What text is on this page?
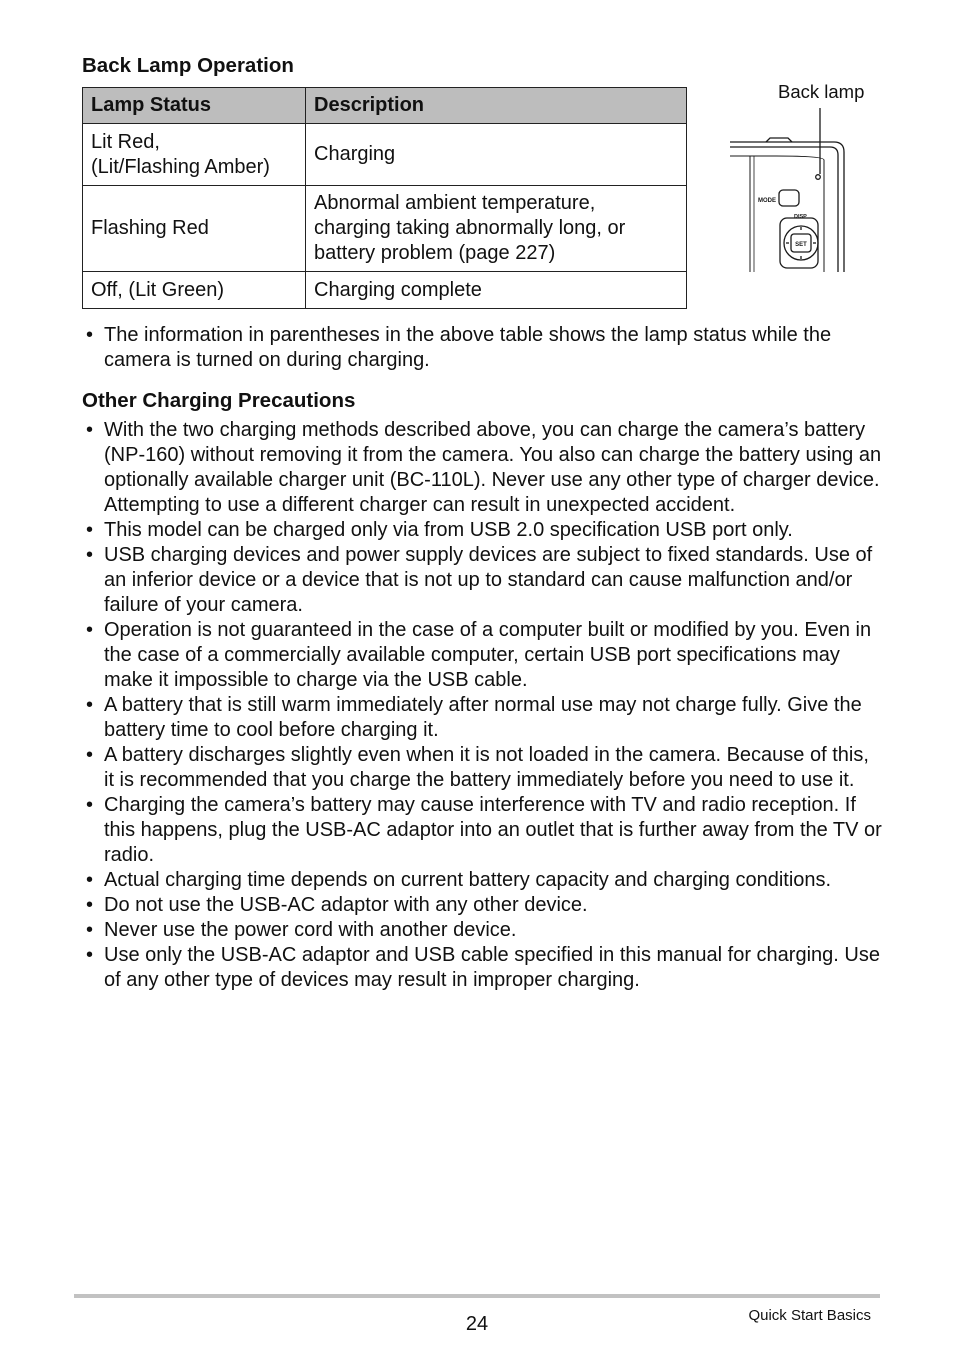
Back Lamp Operation
Lamp Status	Description

Lit Red,
(Lit/Flashing Amber)	Charging
Flashing Red	Abnormal ambient temperature,
charging taking abnormally long, or
battery problem (page 227)

Off, (Lit Green)	Charging complete
Back lamp
MODE
DISP
SET
• The information in parentheses in the above table shows the lamp status while the camera is turned on during charging.
Other Charging Precautions
• With the two charging methods described above, you can charge the camera’s battery (NP-160) without removing it from the camera. You also can charge the battery using an optionally available charger unit (BC-110L). Never use any other type of charger device. Attempting to use a different charger can result in unexpected accident.
• This model can be charged only via from USB 2.0 specification USB port only.
• USB charging devices and power supply devices are subject to fixed standards. Use of an inferior device or a device that is not up to standard can cause malfunction and/or failure of your camera.
• Operation is not guaranteed in the case of a computer built or modified by you. Even in the case of a commercially available computer, certain USB port specifications may make it impossible to charge via the USB cable.
• A battery that is still warm immediately after normal use may not charge fully. Give the battery time to cool before charging it.
• A battery discharges slightly even when it is not loaded in the camera. Because of this, it is recommended that you charge the battery immediately before you need to use it.
• Charging the camera’s battery may cause interference with TV and radio reception. If this happens, plug the USB-AC adaptor into an outlet that is further away from the TV or radio.
• Actual charging time depends on current battery capacity and charging conditions.
• Do not use the USB-AC adaptor with any other device.
• Never use the power cord with another device.
• Use only the USB-AC adaptor and USB cable specified in this manual for charging. Use of any other type of devices may result in improper charging.
24	Quick Start Basics
